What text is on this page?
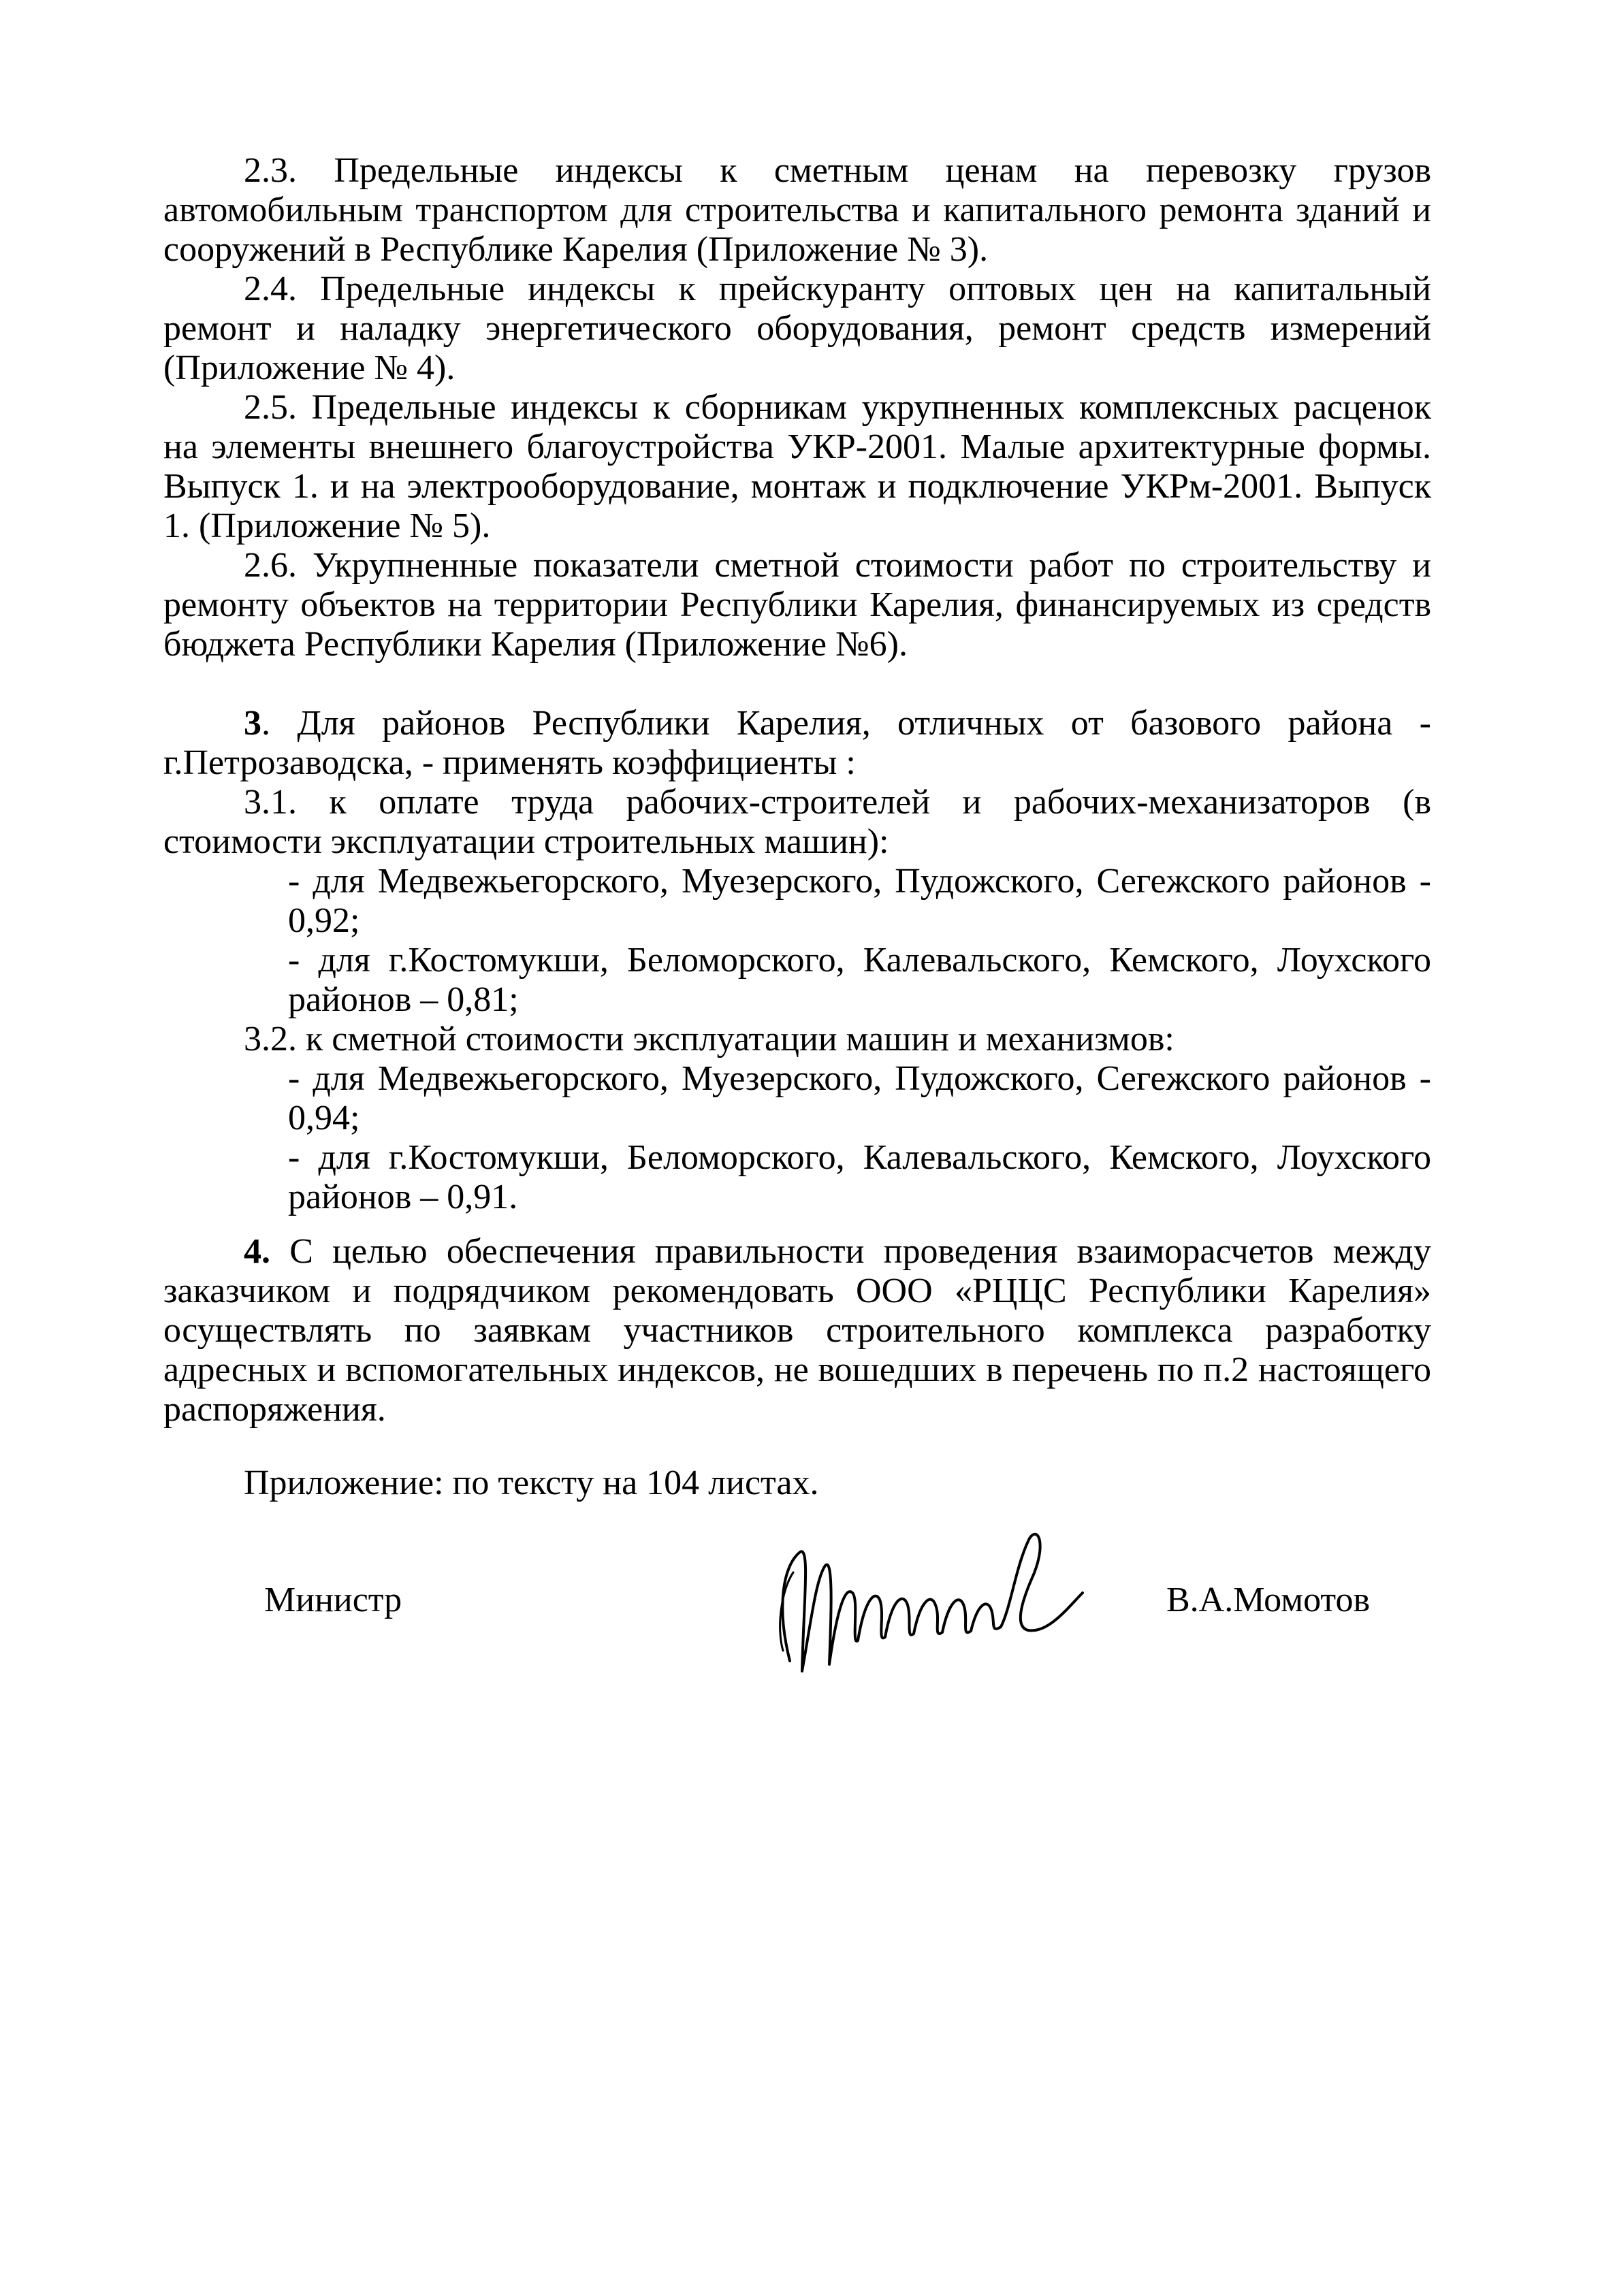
2.3. Предельные индексы к сметным ценам на перевозку грузов автомобильным транспортом для строительства и капитального ремонта зданий и сооружений в Республике Карелия (Приложение № 3).

2.4. Предельные индексы к прейскуранту оптовых цен на капитальный ремонт и наладку энергетического оборудования, ремонт средств измерений (Приложение № 4).

2.5. Предельные индексы к сборникам укрупненных комплексных расценок на элементы внешнего благоустройства УКР-2001. Малые архитектурные формы. Выпуск 1. и на электрооборудование, монтаж и подключение УКРм-2001. Выпуск 1. (Приложение № 5).

2.6. Укрупненные показатели сметной стоимости работ по строительству и ремонту объектов на территории Республики Карелия, финансируемых из средств бюджета Республики Карелия (Приложение №6).

3. Для районов Республики Карелия, отличных от базового района - г.Петрозаводска, - применять коэффициенты :

3.1. к оплате труда рабочих-строителей и рабочих-механизаторов (в стоимости эксплуатации строительных машин):

- для Медвежьегорского, Муезерского, Пудожского, Сегежского районов - 0,92;

- для г.Костомукши, Беломорского, Калевальского, Кемского, Лоухского районов – 0,81;

3.2. к сметной стоимости эксплуатации машин и механизмов:

- для Медвежьегорского, Муезерского, Пудожского, Сегежского районов - 0,94;

- для г.Костомукши, Беломорского, Калевальского, Кемского, Лоухского районов – 0,91.

4. С целью обеспечения правильности проведения взаиморасчетов между заказчиком и подрядчиком рекомендовать ООО «РЦЦС Республики Карелия» осуществлять по заявкам участников строительного комплекса разработку адресных и вспомогательных индексов, не вошедших в перечень по п.2 настоящего распоряжения.

Приложение: по тексту на 104 листах.
Министр	В.А.Момотов
